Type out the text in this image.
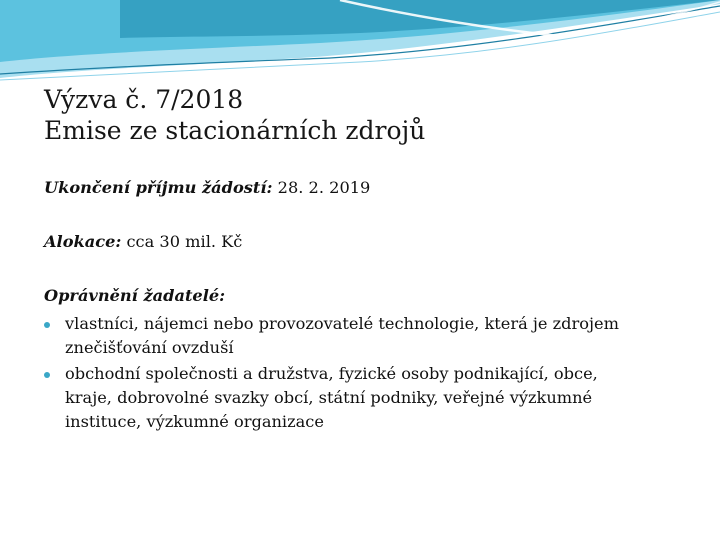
Výzva č. 7/2018
Emise ze stacionárních zdrojů

Ukončení příjmu žádostí: 28. 2. 2019

Alokace: cca 30 mil. Kč

Oprávnění žadatelé:

vlastníci, nájemci nebo provozovatelé technologie, která je zdrojem
znečišťování ovzduší
obchodní společnosti a družstva, fyzické osoby podnikající, obce,
kraje, dobrovolné svazky obcí, státní podniky, veřejné výzkumné
instituce, výzkumné organizace
